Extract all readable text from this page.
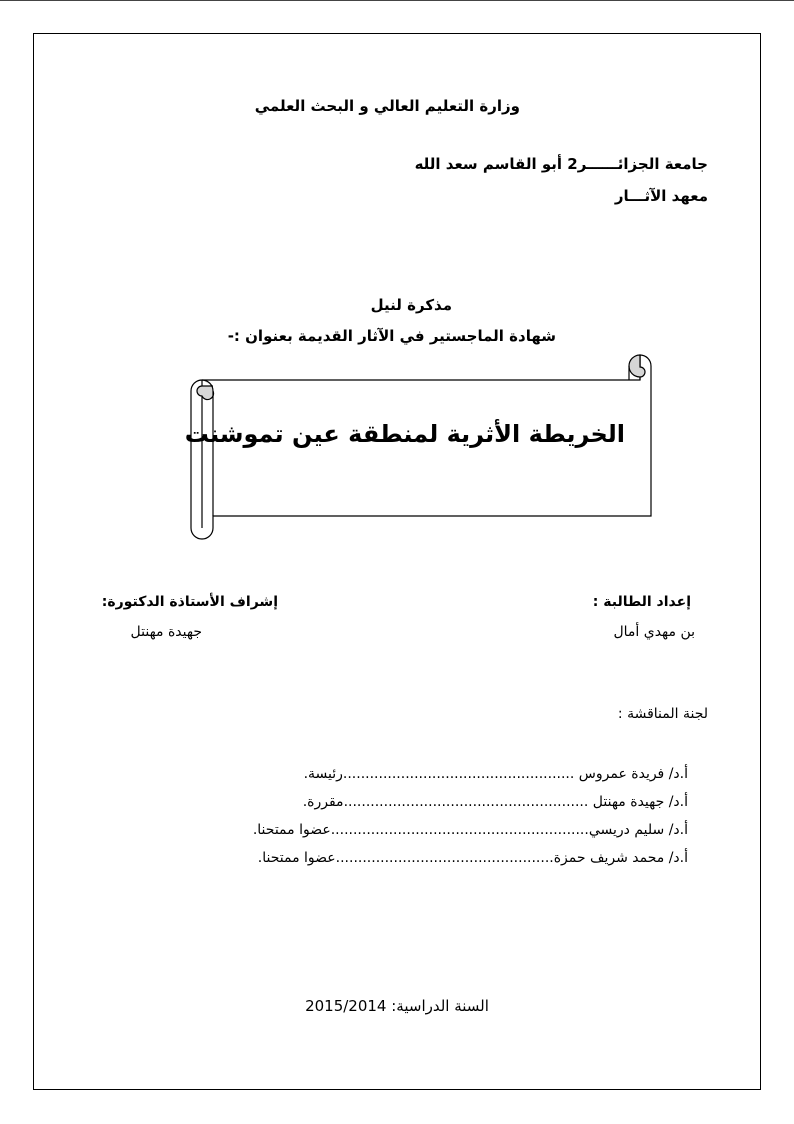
وزارة التعليم العالي و البحث العلمي
جامعة الجزائــــــر2 أبو القاسم سعد الله
معهد الآثـــار
مذكرة لنيل
شهادة الماجستير في الآثار القديمة بعنوان :-
الخريطة الأثرية لمنطقة عين تموشنت
إعداد الطالبة :
بن مهدي أمال
إشراف الأستاذة الدكتورة:
جهيدة مهنتل
لجنة المناقشة :
أ.د/ فريدة عمروس ....................................................رئيسة.
أ.د/ جهيدة مهنتل .......................................................مقررة.
أ.د/ سليم دريسي..........................................................عضوا ممتحنا.
أ.د/ محمد شريف حمزة.................................................عضوا ممتحنا.
السنة الدراسية: 2015/2014
